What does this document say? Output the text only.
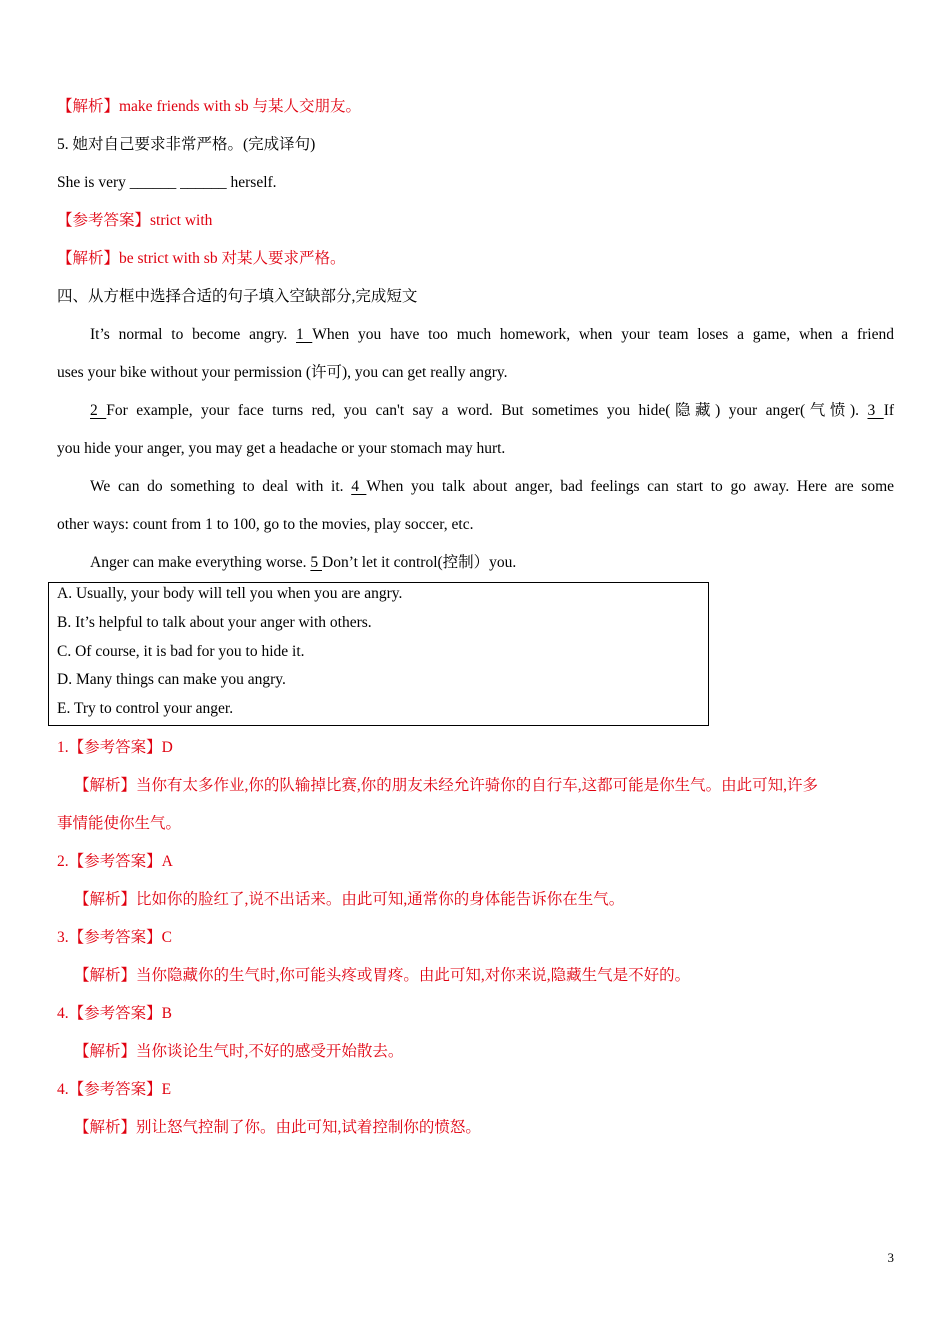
【解析】make friends with sb 与某人交朋友。
5. 她对自己要求非常严格。(完成译句)
She is very ______ ______ herself.
【参考答案】strict with
【解析】be strict with sb 对某人要求严格。
四、从方框中选择合适的句子填入空缺部分,完成短文
It’s normal to become angry. 1 When you have too much homework, when your team loses a game, when a friend
uses your bike without your permission (许可), you can get really angry.
2 For example, your face turns red, you can't say a word. But sometimes you hide(隐藏) your anger(气愤). 3 If
you hide your anger, you may get a headache or your stomach may hurt.
We can do something to deal with it. 4 When you talk about anger, bad feelings can start to go away. Here are some
other ways: count from 1 to 100, go to the movies, play soccer, etc.
Anger can make everything worse. 5 Don’t let it control(控制）you.
A. Usually, your body will tell you when you are angry.
B. It’s helpful to talk about your anger with others.
C. Of course, it is bad for you to hide it.
D. Many things can make you angry.
E. Try to control your anger.
1.【参考答案】D
【解析】当你有太多作业,你的队输掉比赛,你的朋友未经允许骑你的自行车,这都可能是你生气。由此可知,许多
事情能使你生气。
2.【参考答案】A
【解析】比如你的脸红了,说不出话来。由此可知,通常你的身体能告诉你在生气。
3.【参考答案】C
【解析】当你隐藏你的生气时,你可能头疼或胃疼。由此可知,对你来说,隐藏生气是不好的。
4.【参考答案】B
【解析】当你谈论生气时,不好的感受开始散去。
4.【参考答案】E
【解析】别让怒气控制了你。由此可知,试着控制你的愤怒。
3
